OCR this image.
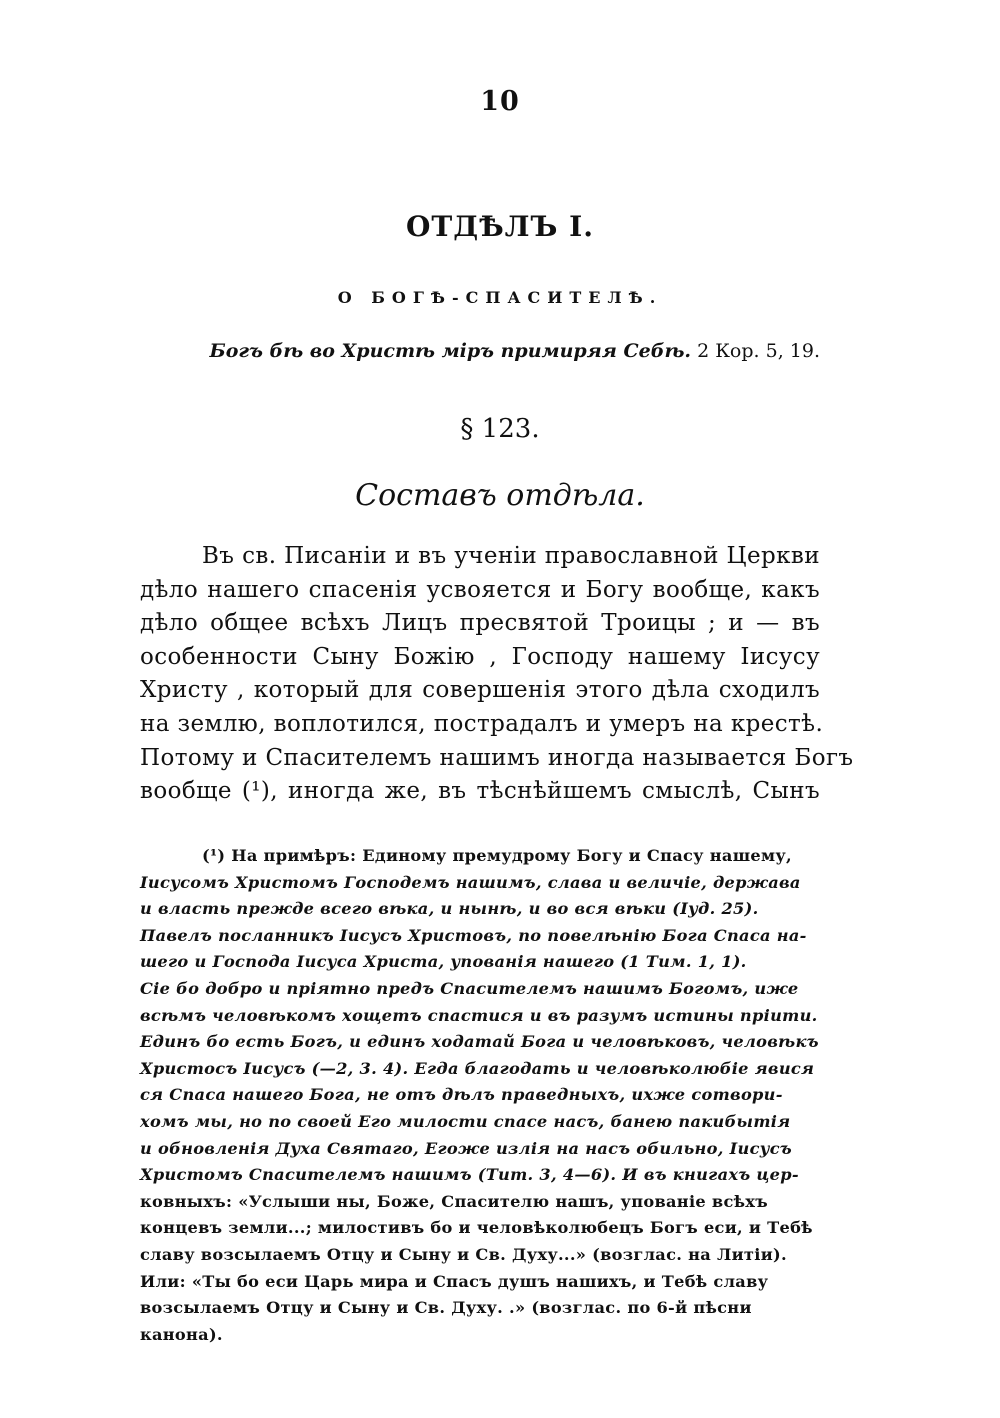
10
ОТДѢЛЪ I.
О БОГѢ-СПАСИТЕЛѢ.
Богъ бѣ во Христѣ міръ примиряя Себѣ. 2 Кор. 5, 19.
§ 123.
Составъ отдѣла.
Въ св. Писаніи и въ ученіи православной Церкви
дѣло нашего спасенія усвояется и Богу вообще, какъ
дѣло общее всѣхъ Лицъ пресвятой Троицы ; и — въ
особенности Сыну Божію , Господу нашему Іисусу
Христу , который для совершенія этого дѣла сходилъ
на землю, воплотился, пострадалъ и умеръ на крестѣ.
Потому и Спасителемъ нашимъ иногда называется Богъ
вообще (¹), иногда же, въ тѣснѣйшемъ смыслѣ, Сынъ
(¹) На примѣръ: Единому премудрому Богу и Спасу нашему,
Іисусомъ Христомъ Господемъ нашимъ, слава и величіе, держава
и власть прежде всего вѣка, и нынѣ, и во вся вѣки (Іуд. 25).
Павелъ посланникъ Іисусъ Христовъ, по повелѣнію Бога Спаса на-
шего и Господа Іисуса Христа, упованія нашего (1 Тим. 1, 1).
Сіе бо добро и пріятно предъ Спасителемъ нашимъ Богомъ, иже
всѣмъ человѣкомъ хощетъ спастися и въ разумъ истины пріити.
Единъ бо есть Богъ, и единъ ходатай Бога и человѣковъ, человѣкъ
Христосъ Іисусъ (—2, 3. 4). Егда благодать и человѣколюбіе явися
ся Спаса нашего Бога, не отъ дѣлъ праведныхъ, ихже сотвори-
хомъ мы, но по своей Его милости спасе насъ, банею пакибытія
и обновленія Духа Святаго, Егоже излія на насъ обильно, Іисусъ
Христомъ Спасителемъ нашимъ (Тит. 3, 4—6). И въ книгахъ цер-
ковныхъ: «Услыши ны, Боже, Спасителю нашъ, упованіе всѣхъ
концевъ земли...; милостивъ бо и человѣколюбецъ Богъ еси, и Тебѣ
славу возсылаемъ Отцу и Сыну и Св. Духу...» (возглас. на Литіи).
Или: «Ты бо еси Царь мира и Спасъ душъ нашихъ, и Тебѣ славу
возсылаемъ Отцу и Сыну и Св. Духу. .» (возглас. по 6-й пѣсни
канона).
